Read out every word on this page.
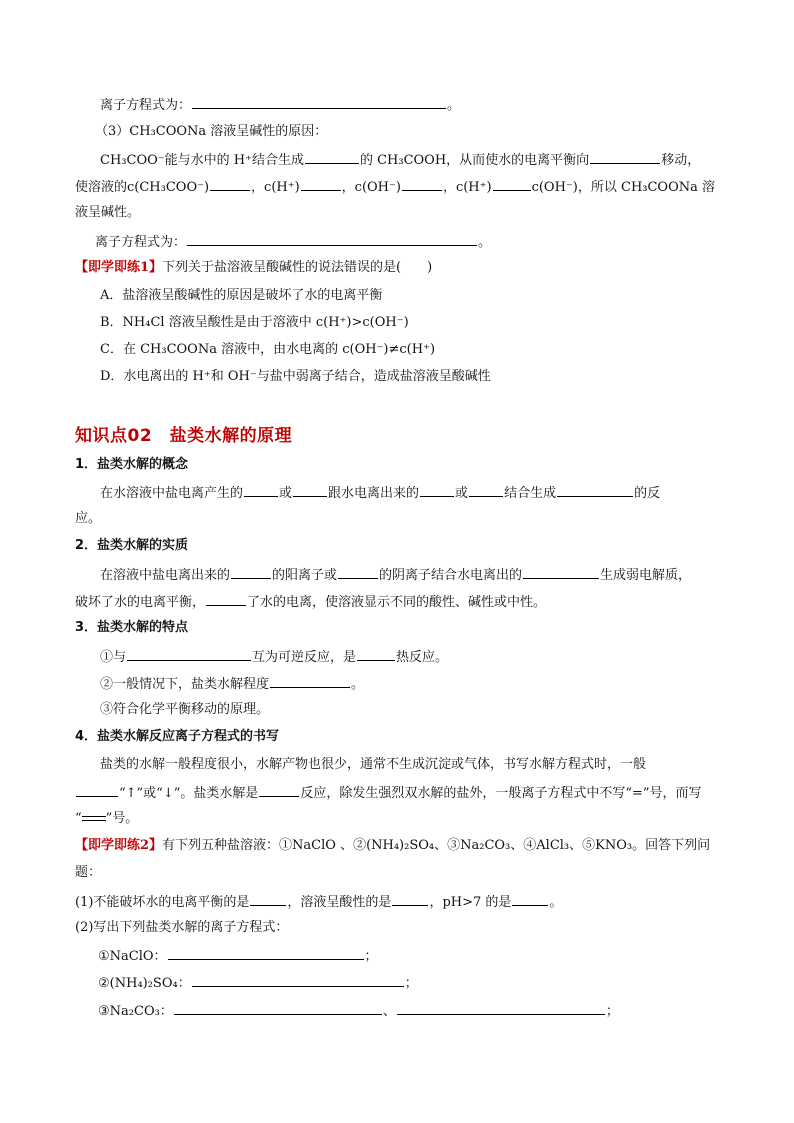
离子方程式为：	。
（3）CH₃COONa 溶液呈碱性的原因：
CH₃COO⁻能与水中的 H⁺结合生成	的 CH₃COOH，从而使水的电离平衡向	移动，
使溶液的c(CH₃COO⁻)	，c(H⁺)	，c(OH⁻)	，c(H⁺)	c(OH⁻)，所以 CH₃COONa 溶
液呈碱性。
离子方程式为：	。
【即学即练1】下列关于盐溶液呈酸碱性的说法错误的是(　　)
A．盐溶液呈酸碱性的原因是破坏了水的电离平衡
B．NH₄Cl 溶液呈酸性是由于溶液中 c(H⁺)>c(OH⁻)
C．在 CH₃COONa 溶液中，由水电离的 c(OH⁻)≠c(H⁺)
D．水电离出的 H⁺和 OH⁻与盐中弱离子结合，造成盐溶液呈酸碱性
知识点02　盐类水解的原理
1．盐类水解的概念
在水溶液中盐电离产生的	或	跟水电离出来的	或	结合生成	的反
应。
2．盐类水解的实质
在溶液中盐电离出来的	的阳离子或	的阴离子结合水电离出的	生成弱电解质，
破坏了水的电离平衡，	了水的电离，使溶液显示不同的酸性、碱性或中性。
3．盐类水解的特点
①与	互为可逆反应，是	热反应。
②一般情况下，盐类水解程度	。
③符合化学平衡移动的原理。
4．盐类水解反应离子方程式的书写
盐类的水解一般程度很小，水解产物也很少，通常不生成沉淀或气体，书写水解方程式时，一般
“↑”或“↓”。盐类水解是	反应，除发生强烈双水解的盐外，一般离子方程式中不写“=”号，而写
“ ”号。
【即学即练2】有下列五种盐溶液：①NaClO 、②(NH₄)₂SO₄、③Na₂CO₃、④AlCl₃、⑤KNO₃。回答下列问
题：
(1)不能破坏水的电离平衡的是	，溶液呈酸性的是	，pH>7 的是	。
(2)写出下列盐类水解的离子方程式：
①NaClO：	；
②(NH₄)₂SO₄：	；
③Na₂CO₃：	、	；
